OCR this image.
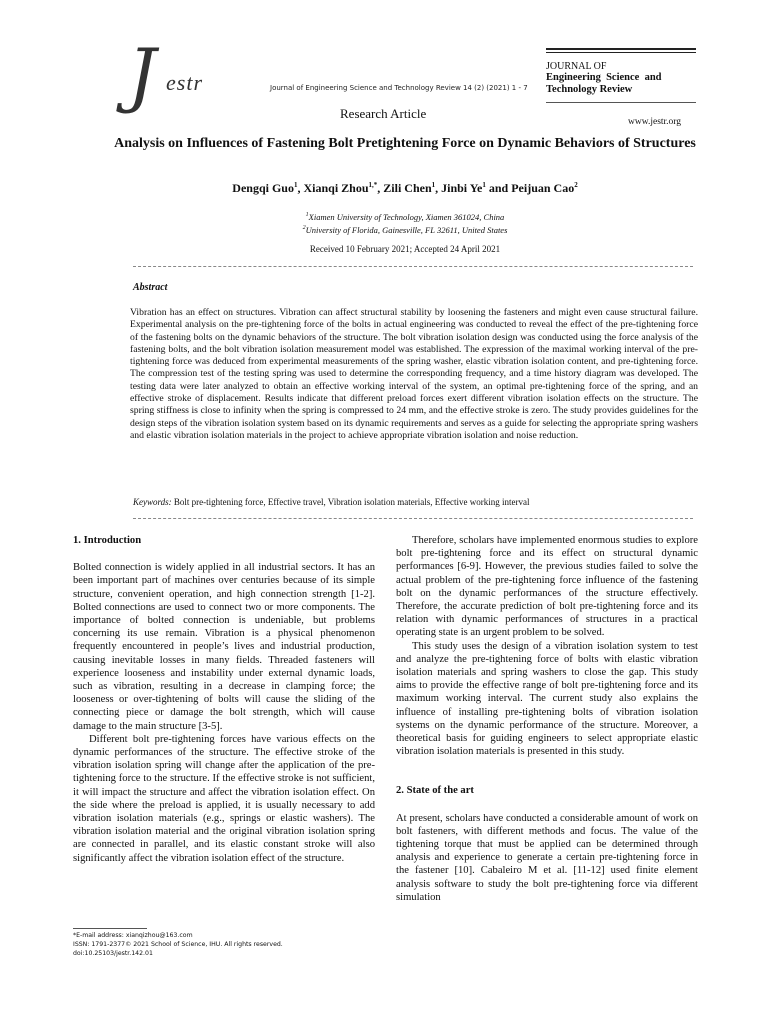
J estr	Journal of Engineering Science and Technology Review 14 (2) (2021) 1 - 7
Research Article
JOURNAL OF
Engineering  Science  and
Technology Review
www.jestr.org
Analysis on Influences of Fastening Bolt Pretightening Force on Dynamic Behaviors of Structures
Dengqi Guo$^1$, Xianqi Zhou$^{1,*}$, Zili Chen$^1$, Jinbi Ye$^1$ and Peijuan Cao$^2$
$^1$Xiamen University of Technology, Xiamen 361024, China
$^2$University of Florida, Gainesville, FL 32611, United States
Received 10 February 2021; Accepted 24 April 2021
Abstract
Vibration has an effect on structures. Vibration can affect structural stability by loosening the fasteners and might even cause structural failure. Experimental analysis on the pre-tightening force of the bolts in actual engineering was conducted to reveal the effect of the pre-tightening force of the fastening bolts on the dynamic behaviors of the structure. The bolt vibration isolation design was conducted using the force analysis of the fastening bolts, and the bolt vibration isolation measurement model was established. The expression of the maximal working interval of the pre-tightening force was deduced from experimental measurements of the spring washer, elastic vibration isolation content, and pre-tightening force. The compression test of the testing spring was used to determine the corresponding frequency, and a time history diagram was developed. The testing data were later analyzed to obtain an effective working interval of the system, an optimal pre-tightening force of the spring, and an effective stroke of displacement. Results indicate that different preload forces exert different vibration isolation effects on the structure. The spring stiffness is close to infinity when the spring is compressed to 24 mm, and the effective stroke is zero. The study provides guidelines for the design steps of the vibration isolation system based on its dynamic requirements and serves as a guide for selecting the appropriate spring washers and elastic vibration isolation materials in the project to achieve appropriate vibration isolation and noise reduction.
Keywords: Bolt pre-tightening force, Effective travel, Vibration isolation materials, Effective working interval
1. Introduction

Bolted connection is widely applied in all industrial sectors. It has an been important part of machines over centuries because of its simple structure, convenient operation, and high connection strength [1-2]. Bolted connections are used to connect two or more components. The importance of bolted connection is undeniable, but problems concerning its use remain. Vibration is a physical phenomenon frequently encountered in people’s lives and industrial production, causing inevitable losses in many fields. Threaded fasteners will experience looseness and instability under external dynamic loads, such as vibration, resulting in a decrease in clamping force; the looseness or over-tightening of bolts will cause the sliding of the connecting piece or damage the bolt strength, which will cause damage to the main structure [3-5].

Different bolt pre-tightening forces have various effects on the dynamic performances of the structure. The effective stroke of the vibration isolation spring will change after the application of the pre-tightening force to the structure. If the effective stroke is not sufficient, it will impact the structure and affect the vibration isolation effect. On the side where the preload is applied, it is usually necessary to add vibration isolation materials (e.g., springs or elastic washers). The vibration isolation material and the original vibration isolation spring are connected in parallel, and its elastic constant stroke will also significantly affect the vibration isolation effect of the structure.

Therefore, scholars have implemented enormous studies to explore bolt pre-tightening force and its effect on structural dynamic performances [6-9]. However, the previous studies failed to solve the actual problem of the pre-tightening force influence of the fastening bolt on the dynamic performances of the structure effectively. Therefore, the accurate prediction of bolt pre-tightening force and its relation with dynamic performances of structures in a practical operating state is an urgent problem to be solved.

This study uses the design of a vibration isolation system to test and analyze the pre-tightening force of bolts with elastic vibration isolation materials and spring washers to close the gap. This study aims to provide the effective range of bolt pre-tightening force and its maximum working interval. The current study also explains the influence of installing pre-tightening bolts of vibration isolation systems on the dynamic performance of the structure. Moreover, a theoretical basis for guiding engineers to select appropriate elastic vibration isolation materials is presented in this study.

2. State of the art

At present, scholars have conducted a considerable amount of work on bolt fasteners, with different methods and focus. The value of the tightening torque that must be applied can be determined through analysis and experience to generate a certain pre-tightening force in the fastener [10]. Cabaleiro M et al. [11-12] used finite element analysis software to study the bolt pre-tightening force via different simulation

*E-mail address: xianqizhou@163.com
ISSN: 1791-2377© 2021 School of Science, IHU. All rights reserved.
doi:10.25103/jestr.142.01
